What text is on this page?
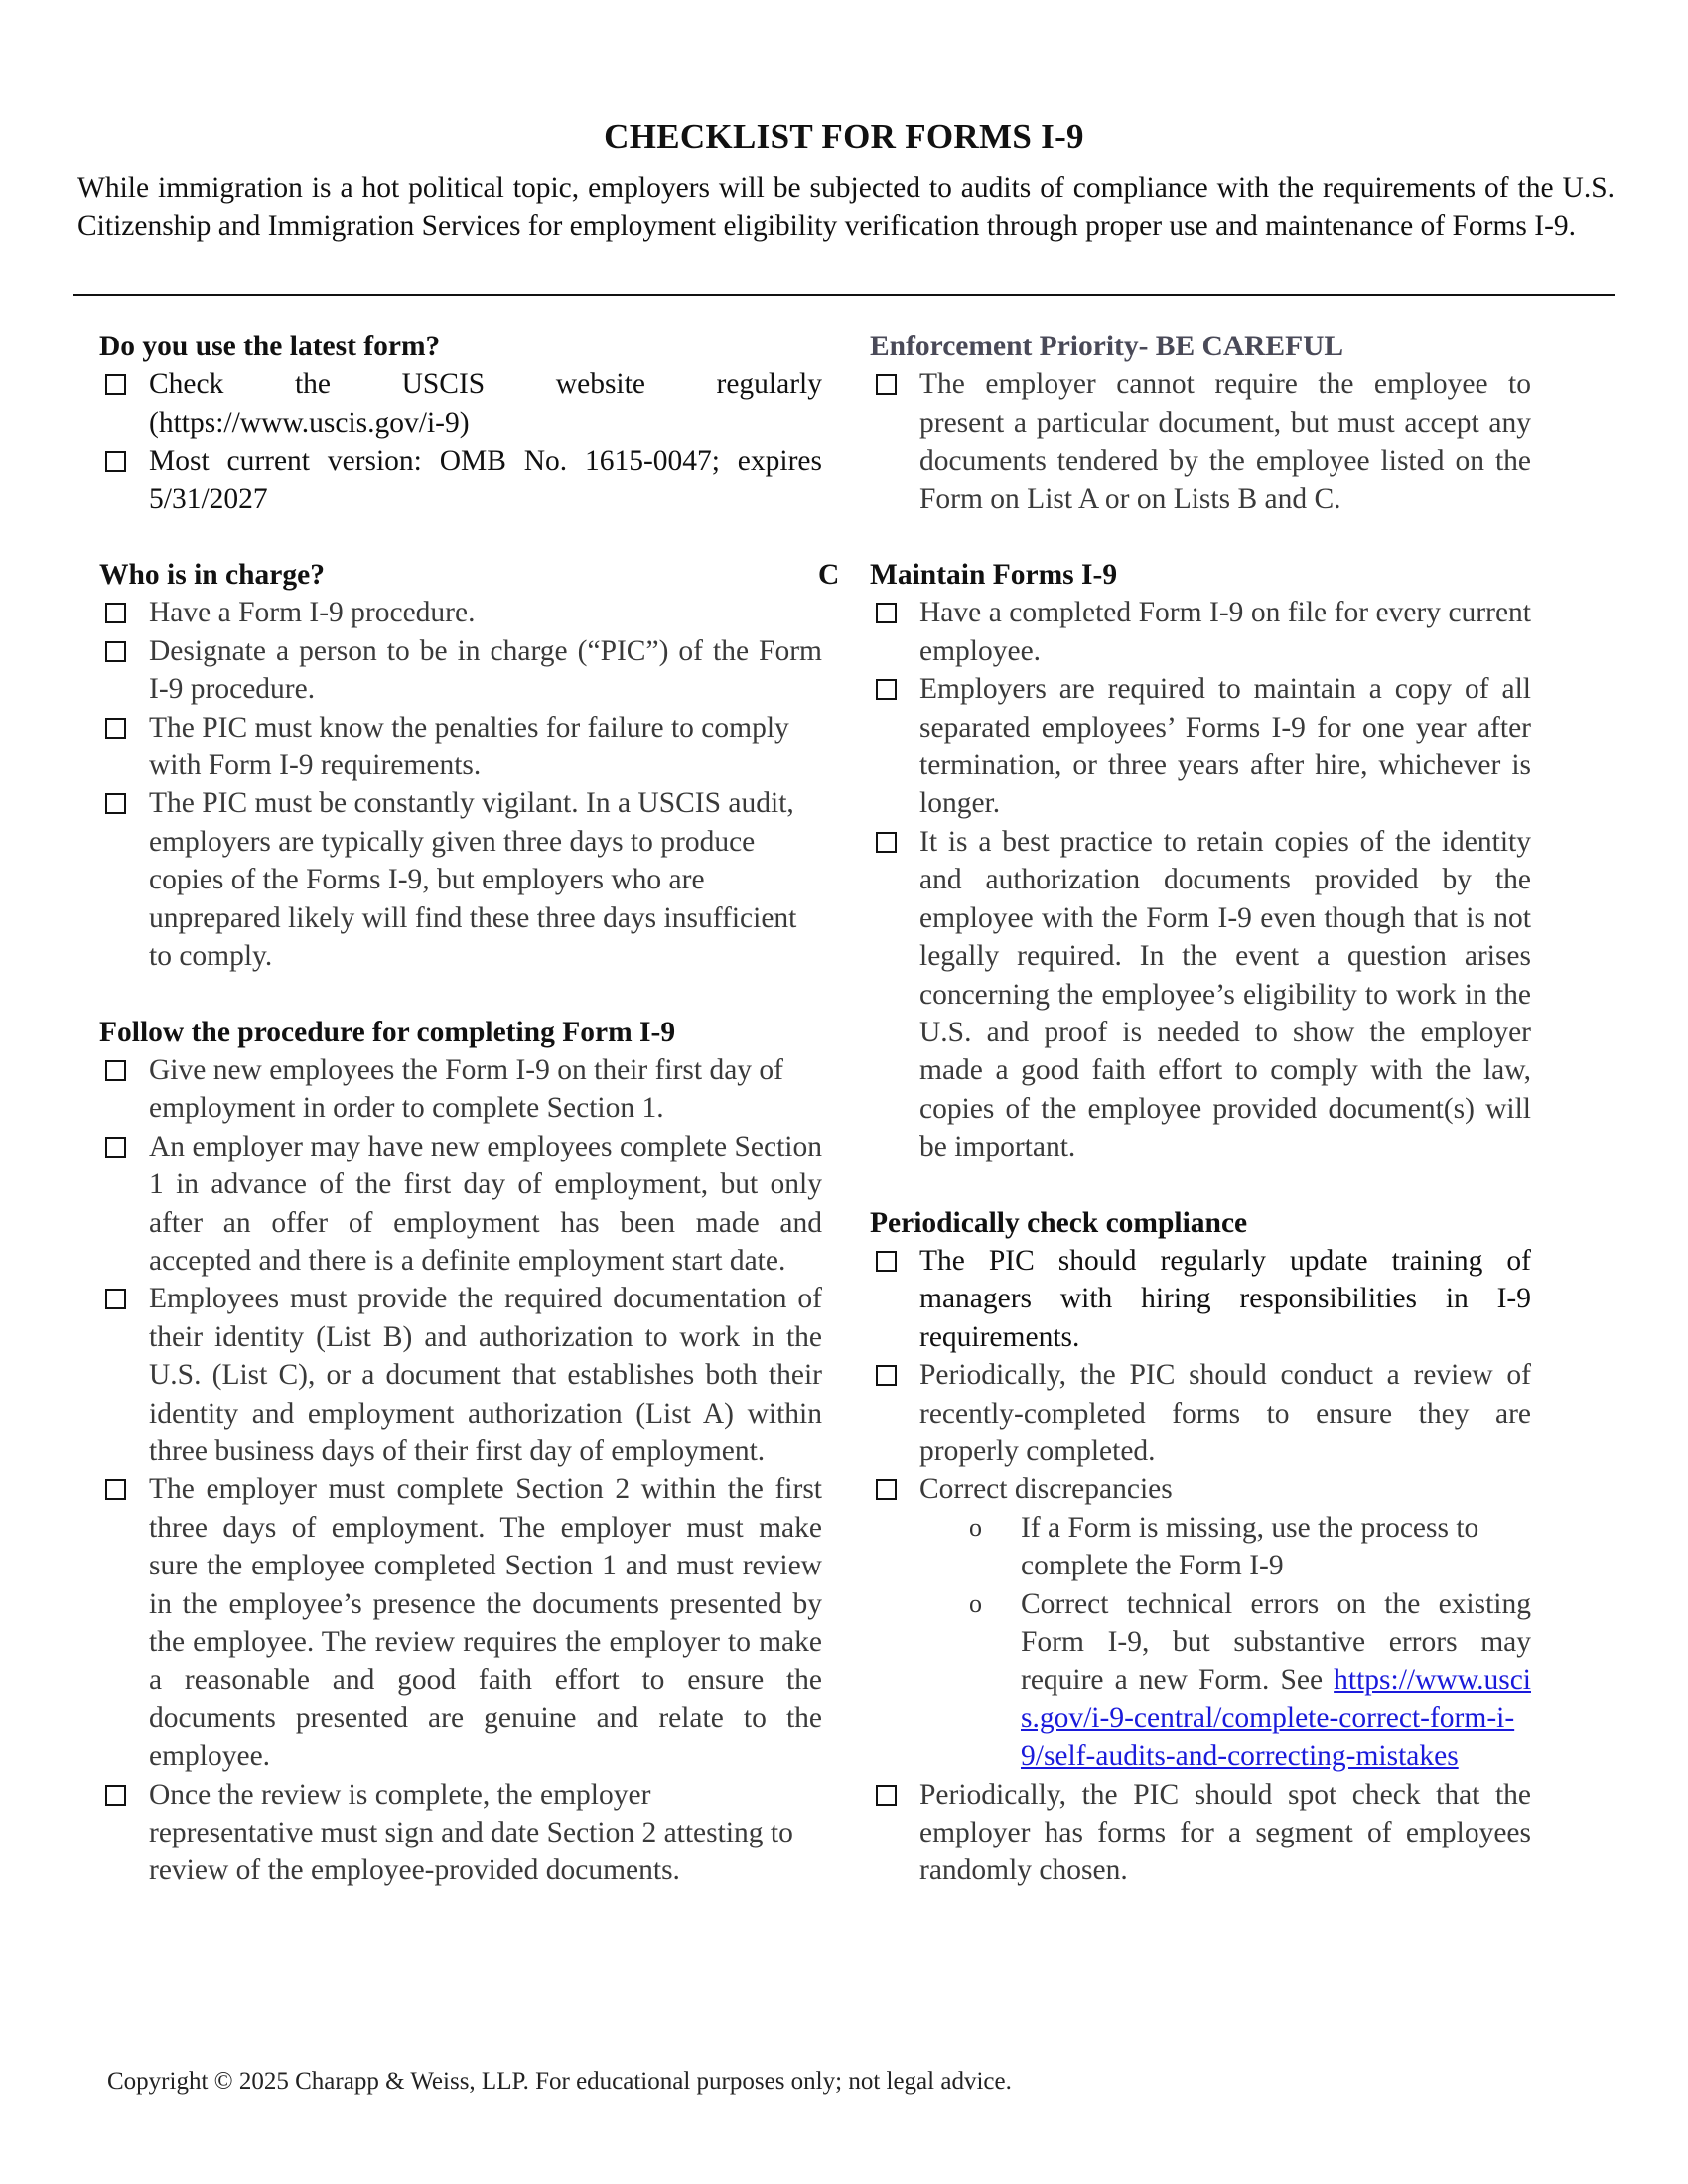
CHECKLIST FOR FORMS I-9
While immigration is a hot political topic, employers will be subjected to audits of compliance with the requirements of the U.S. Citizenship and Immigration Services for employment eligibility verification through proper use and maintenance of Forms I-9.
Do you use the latest form?
Check the USCIS website regularly (https://www.uscis.gov/i-9)
Most current version: OMB No. 1615-0047; expires 5/31/2027
Who is in charge?
Have a Form I-9 procedure.
Designate a person to be in charge (“PIC”) of the Form I-9 procedure.
The PIC must know the penalties for failure to comply with Form I-9 requirements.
The PIC must be constantly vigilant. In a USCIS audit, employers are typically given three days to produce copies of the Forms I-9, but employers who are unprepared likely will find these three days insufficient to comply.
Follow the procedure for completing Form I-9
Give new employees the Form I-9 on their first day of employment in order to complete Section 1.
An employer may have new employees complete Section 1 in advance of the first day of employment, but only after an offer of employment has been made and accepted and there is a definite employment start date.
Employees must provide the required documentation of their identity (List B) and authorization to work in the U.S. (List C), or a document that establishes both their identity and employment authorization (List A) within three business days of their first day of employment.
The employer must complete Section 2 within the first three days of employment. The employer must make sure the employee completed Section 1 and must review in the employee’s presence the documents presented by the employee. The review requires the employer to make a reasonable and good faith effort to ensure the documents presented are genuine and relate to the employee.
Once the review is complete, the employer representative must sign and date Section 2 attesting to review of the employee-provided documents.
Enforcement Priority- BE CAREFUL
The employer cannot require the employee to present a particular document, but must accept any documents tendered by the employee listed on the Form on List A or on Lists B and C.
C Maintain Forms I-9
Have a completed Form I-9 on file for every current employee.
Employers are required to maintain a copy of all separated employees’ Forms I-9 for one year after termination, or three years after hire, whichever is longer.
It is a best practice to retain copies of the identity and authorization documents provided by the employee with the Form I-9 even though that is not legally required. In the event a question arises concerning the employee’s eligibility to work in the U.S. and proof is needed to show the employer made a good faith effort to comply with the law, copies of the employee provided document(s) will be important.
Periodically check compliance
The PIC should regularly update training of managers with hiring responsibilities in I-9 requirements.
Periodically, the PIC should conduct a review of recently-completed forms to ensure they are properly completed.
Correct discrepancies
o If a Form is missing, use the process to complete the Form I-9
o Correct technical errors on the existing Form I-9, but substantive errors may require a new Form. See https://www.uscis.gov/i-9-central/complete-correct-form-i-9/self-audits-and-correcting-mistakes
Periodically, the PIC should spot check that the employer has forms for a segment of employees randomly chosen.
Copyright © 2025 Charapp & Weiss, LLP. For educational purposes only; not legal advice.
